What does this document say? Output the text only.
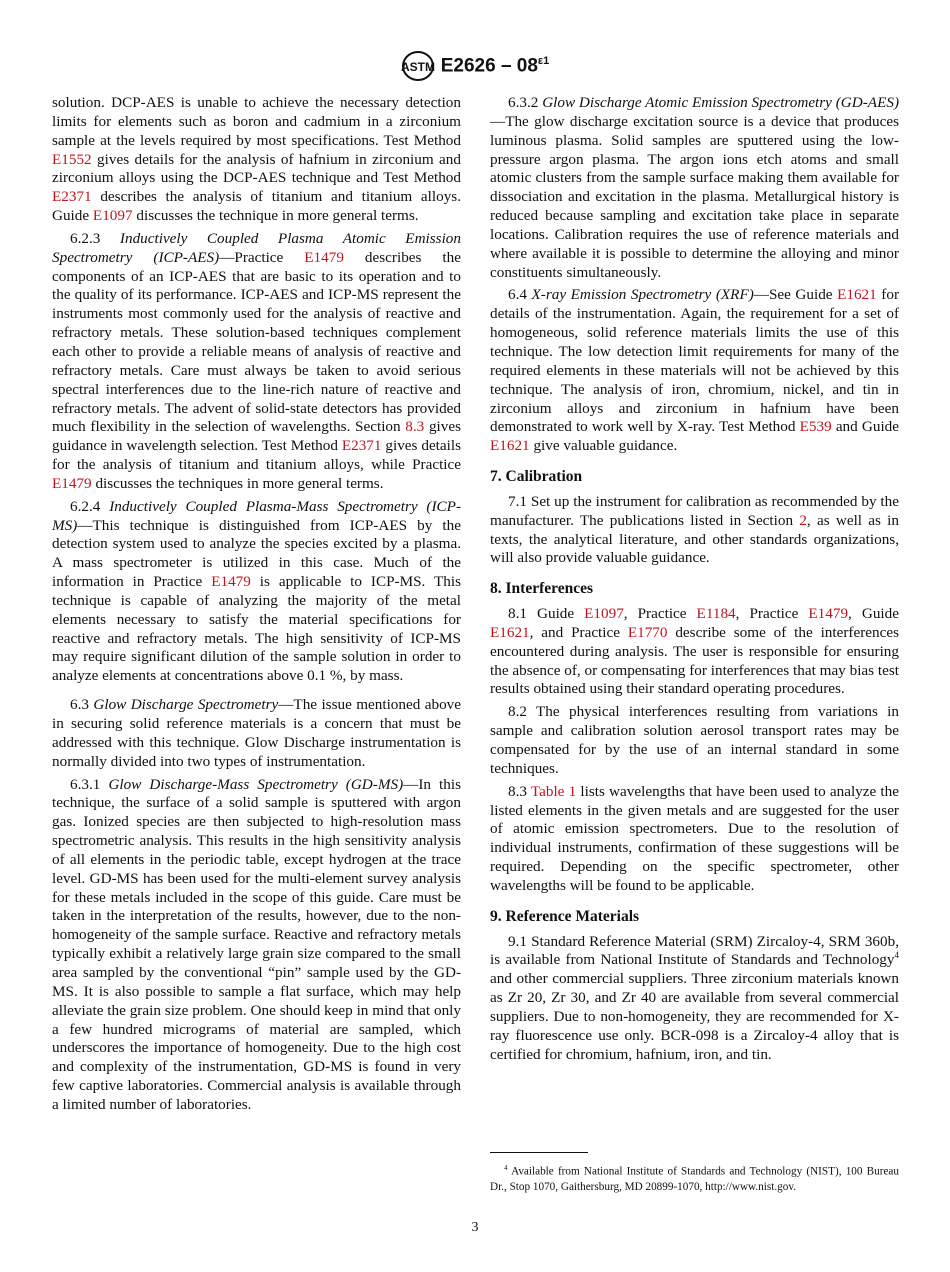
ASTM $E2626 - 08^{\varepsilon 1}$

solution. DCP-AES is unable to achieve the necessary detection limits for elements such as boron and cadmium in a zirconium sample at the levels required by most specifications. Test Method E1552 gives details for the analysis of hafnium in zirconium and zirconium alloys using the DCP-AES technique and Test Method E2371 describes the analysis of titanium and titanium alloys. Guide E1097 discusses the technique in more general terms.

6.2.3 Inductively Coupled Plasma Atomic Emission Spectrometry (ICP-AES)—Practice E1479 describes the components of an ICP-AES that are basic to its operation and to the quality of its performance. ICP-AES and ICP-MS represent the instruments most commonly used for the analysis of reactive and refractory metals. These solution-based techniques complement each other to provide a reliable means of analysis of reactive and refractory metals. Care must always be taken to avoid serious spectral interferences due to the line-rich nature of reactive and refractory metals. The advent of solid-state detectors has provided much flexibility in the selection of wavelengths. Section 8.3 gives guidance in wavelength selection. Test Method E2371 gives details for the analysis of titanium and titanium alloys, while Practice E1479 discusses the techniques in more general terms.

6.2.4 Inductively Coupled Plasma-Mass Spectrometry (ICP-MS)—This technique is distinguished from ICP-AES by the detection system used to analyze the species excited by a plasma. A mass spectrometer is utilized in this case. Much of the information in Practice E1479 is applicable to ICP-MS. This technique is capable of analyzing the majority of the metal elements necessary to satisfy the material specifications for reactive and refractory metals. The high sensitivity of ICP-MS may require significant dilution of the sample solution in order to analyze elements at concentrations above 0.1 %, by mass.

6.3 Glow Discharge Spectrometry—The issue mentioned above in securing solid reference materials is a concern that must be addressed with this technique. Glow Discharge instrumentation is normally divided into two types of instrumentation.

6.3.1 Glow Discharge-Mass Spectrometry (GD-MS)—In this technique, the surface of a solid sample is sputtered with argon gas. Ionized species are then subjected to high-resolution mass spectrometric analysis. This results in the high sensitivity analysis of all elements in the periodic table, except hydrogen at the trace level. GD-MS has been used for the multi-element survey analysis for these metals included in the scope of this guide. Care must be taken in the interpretation of the results, however, due to the non-homogeneity of the sample surface. Reactive and refractory metals typically exhibit a relatively large grain size compared to the small area sampled by the conventional “pin” sample used by the GD-MS. It is also possible to sample a flat surface, which may help alleviate the grain size problem. One should keep in mind that only a few hundred micrograms of material are sampled, which underscores the importance of homogeneity. Due to the high cost and complexity of the instrumentation, GD-MS is found in very few captive laboratories. Commercial analysis is available through a limited number of laboratories.

6.3.2 Glow Discharge Atomic Emission Spectrometry (GD-AES)—The glow discharge excitation source is a device that produces luminous plasma. Solid samples are sputtered using the low-pressure argon plasma. The argon ions etch atoms and small atomic clusters from the sample surface making them available for dissociation and excitation in the plasma. Metallurgical history is reduced because sampling and excitation take place in separate locations. Calibration requires the use of reference materials and where available it is possible to determine the alloying and minor constituents simultaneously.

6.4 X-ray Emission Spectrometry (XRF)—See Guide E1621 for details of the instrumentation. Again, the requirement for a set of homogeneous, solid reference materials limits the use of this technique. The low detection limit requirements for many of the required elements in these materials will not be achieved by this technique. The analysis of iron, chromium, nickel, and tin in zirconium alloys and zirconium in hafnium have been demonstrated to work well by X-ray. Test Method E539 and Guide E1621 give valuable guidance.

7. Calibration

7.1 Set up the instrument for calibration as recommended by the manufacturer. The publications listed in Section 2, as well as in texts, the analytical literature, and other standards organizations, will also provide valuable guidance.

8. Interferences

8.1 Guide E1097, Practice E1184, Practice E1479, Guide E1621, and Practice E1770 describe some of the interferences encountered during analysis. The user is responsible for ensuring the absence of, or compensating for interferences that may bias test results obtained using their standard operating procedures.

8.2 The physical interferences resulting from variations in sample and calibration solution aerosol transport rates may be compensated for by the use of an internal standard in some techniques.

8.3 Table 1 lists wavelengths that have been used to analyze the listed elements in the given metals and are suggested for the user of atomic emission spectrometers. Due to the resolution of individual instruments, confirmation of these suggestions will be required. Depending on the specific spectrometer, other wavelengths will be found to be applicable.

9. Reference Materials

9.1 Standard Reference Material (SRM) Zircaloy-4, SRM 360b, is available from National Institute of Standards and Technology$^4$ and other commercial suppliers. Three zirconium materials known as Zr 20, Zr 30, and Zr 40 are available from several commercial suppliers. Due to non-homogeneity, they are recommended for X-ray fluorescence use only. BCR-098 is a Zircaloy-4 alloy that is certified for chromium, hafnium, iron, and tin.

$^4$ Available from National Institute of Standards and Technology (NIST), 100 Bureau Dr., Stop 1070, Gaithersburg, MD 20899-1070, http://www.nist.gov.
3
